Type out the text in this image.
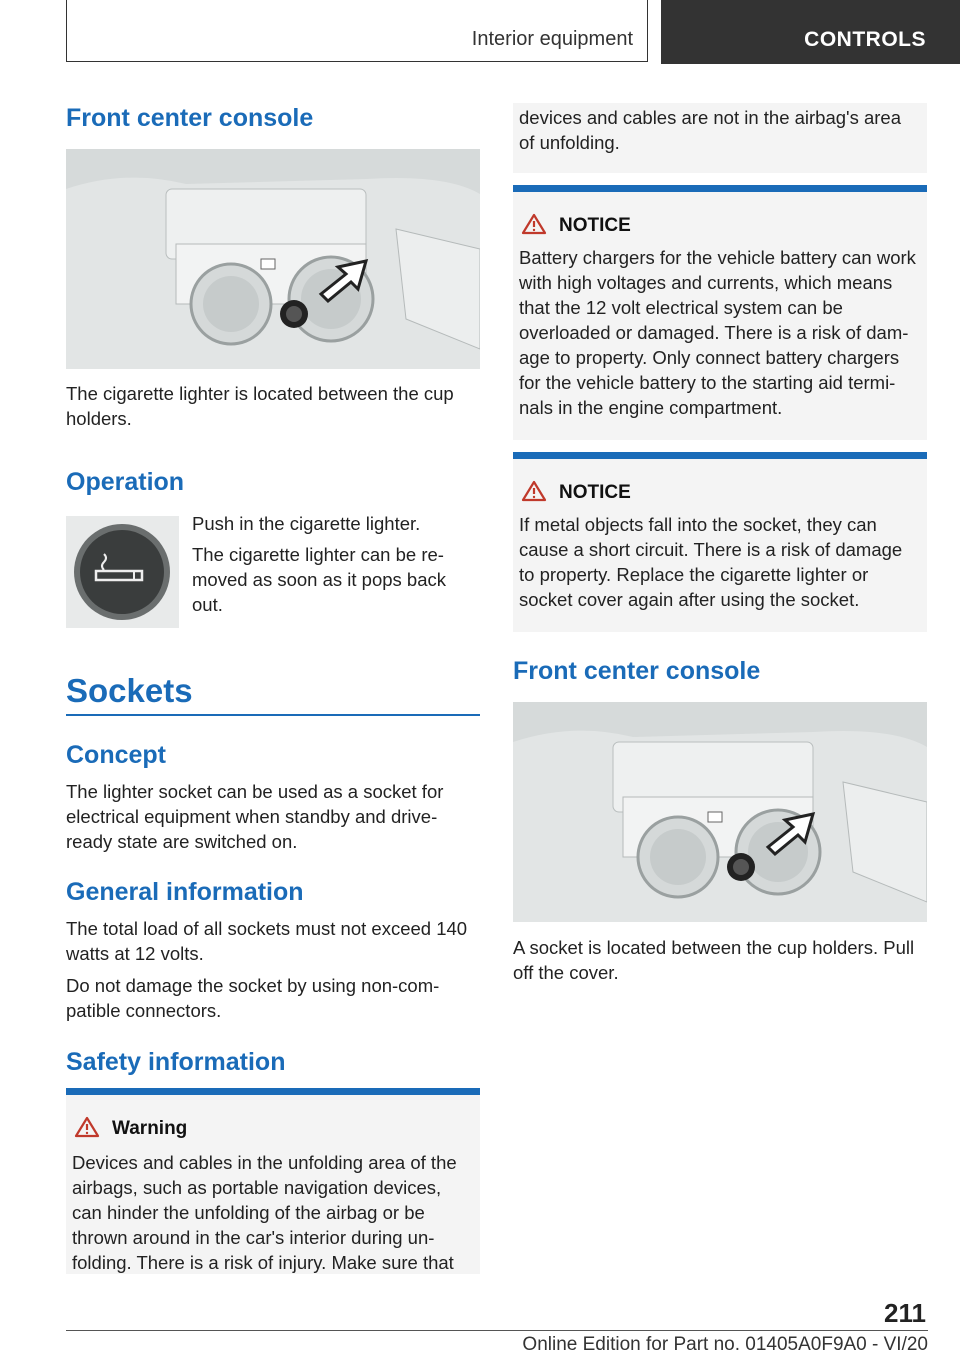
Interior equipment	CONTROLS
Front center console
The cigarette lighter is located between the cup holders.
Operation
Push in the cigarette lighter.
The cigarette lighter can be re-moved as soon as it pops back out.
Sockets
Concept
The lighter socket can be used as a socket for electrical equipment when standby and drive-ready state are switched on.
General information
The total load of all sockets must not exceed 140 watts at 12 volts.
Do not damage the socket by using non-com-patible connectors.
Safety information
Warning
Devices and cables in the unfolding area of the airbags, such as portable navigation devices, can hinder the unfolding of the airbag or be thrown around in the car's interior during un-folding. There is a risk of injury. Make sure that
devices and cables are not in the airbag's area of unfolding.
NOTICE
Battery chargers for the vehicle battery can work with high voltages and currents, which means that the 12 volt electrical system can be overloaded or damaged. There is a risk of dam-age to property. Only connect battery chargers for the vehicle battery to the starting aid termi-nals in the engine compartment.
NOTICE
If metal objects fall into the socket, they can cause a short circuit. There is a risk of damage to property. Replace the cigarette lighter or socket cover again after using the socket.
Front center console
A socket is located between the cup holders. Pull off the cover.
211
Online Edition for Part no. 01405A0F9A0 - VI/20
